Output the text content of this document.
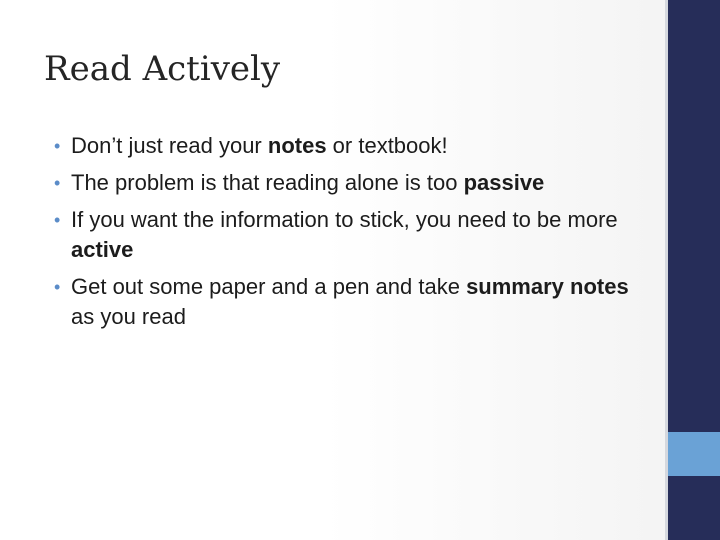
Read Actively
• Don’t just read your notes or textbook!
• The problem is that reading alone is too passive
• If you want the information to stick, you need to be more active
• Get out some paper and a pen and take summary notes as you read
